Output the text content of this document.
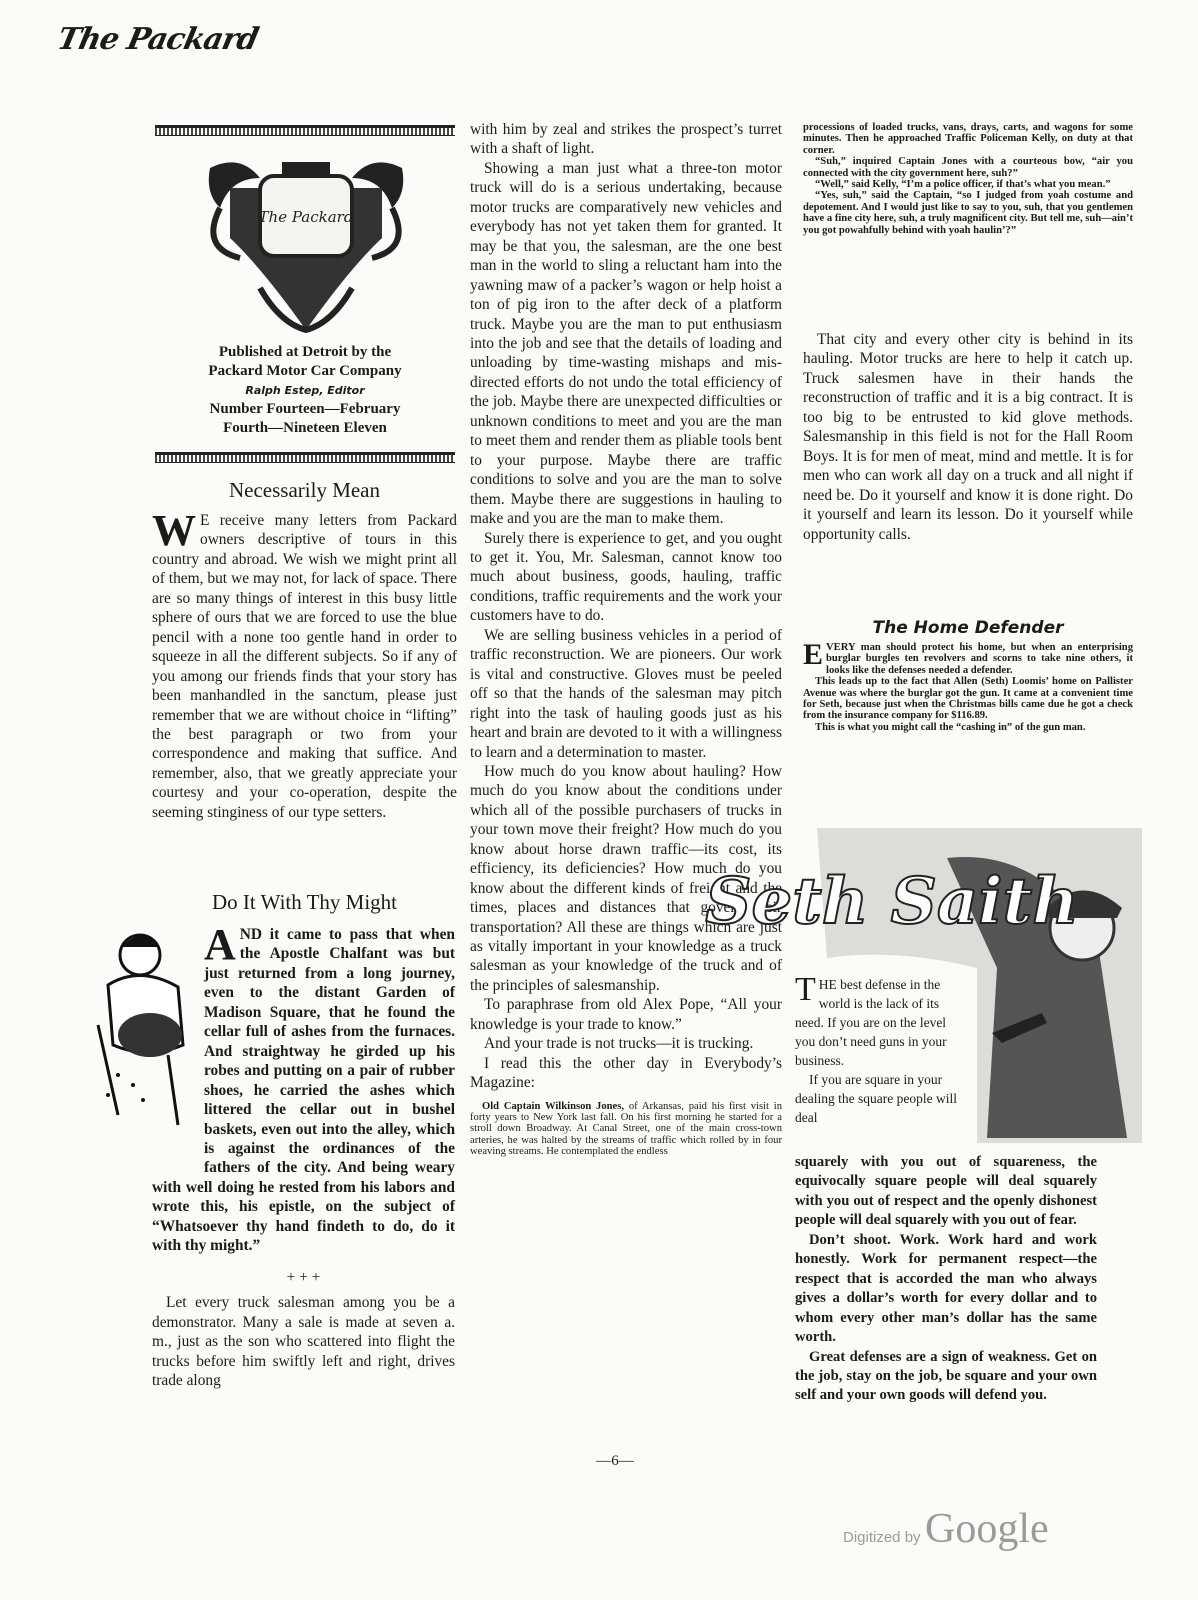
The Packard
The Packard
Published at Detroit by the
Packard Motor Car Company
Ralph Estep, Editor
Number Fourteen—February
Fourth—Nineteen Eleven
Necessarily Mean
W E receive many letters from Packard owners descriptive of tours in this country and abroad. We wish we might print all of them, but we may not, for lack of space. There are so many things of interest in this busy little sphere of ours that we are forced to use the blue pencil with a none too gentle hand in order to squeeze in all the different subjects. So if any of you among our friends finds that your story has been manhandled in the sanctum, please just remember that we are without choice in “lifting” the best paragraph or two from your correspondence and making that suffice. And remember, also, that we greatly appreciate your courtesy and your co-operation, despite the seeming stinginess of our type setters.

Do It With Thy Might
A ND it came to pass that when the Apostle Chalfant was but just returned from a long journey, even to the distant Garden of Madison Square, that he found the cellar full of ashes from the furnaces. And straightway he girded up his robes and putting on a pair of rubber shoes, he carried the ashes which littered the cellar out in bushel baskets, even out into the alley, which is against the ordinances of the fathers of the city. And being weary with well doing he rested from his labors and wrote this, his epistle, on the subject of “Whatsoever thy hand findeth to do, do it with thy might.”

+ + +

Let every truck salesman among you be a demonstrator. Many a sale is made at seven a. m., just as the son who scattered into flight the trucks before him swiftly left and right, drives trade along

with him by zeal and strikes the prospect’s turret with a shaft of light.

Showing a man just what a three-ton motor truck will do is a serious undertaking, because motor trucks are comparatively new vehicles and everybody has not yet taken them for granted. It may be that you, the salesman, are the one best man in the world to sling a reluctant ham into the yawning maw of a packer’s wagon or help hoist a ton of pig iron to the after deck of a platform truck. Maybe you are the man to put enthusiasm into the job and see that the details of loading and unloading by time-wasting mishaps and mis-directed efforts do not undo the total efficiency of the job. Maybe there are unexpected difficulties or unknown conditions to meet and you are the man to meet them and render them as pliable tools bent to your purpose. Maybe there are traffic conditions to solve and you are the man to solve them. Maybe there are suggestions in hauling to make and you are the man to make them.

Surely there is experience to get, and you ought to get it. You, Mr. Salesman, cannot know too much about business, goods, hauling, traffic conditions, traffic requirements and the work your customers have to do.

We are selling business vehicles in a period of traffic reconstruction. We are pioneers. Our work is vital and constructive. Gloves must be peeled off so that the hands of the salesman may pitch right into the task of hauling goods just as his heart and brain are devoted to it with a willingness to learn and a determination to master.

How much do you know about hauling? How much do you know about the conditions under which all of the possible purchasers of trucks in your town move their freight? How much do you know about horse drawn traffic—its cost, its efficiency, its deficiencies? How much do you know about the different kinds of freight and the times, places and distances that govern their transportation? All these are things which are just as vitally important in your knowledge as a truck salesman as your knowledge of the truck and of the principles of salesmanship.

To paraphrase from old Alex Pope, “All your knowledge is your trade to know.”

And your trade is not trucks—it is trucking.

I read this the other day in Everybody’s Magazine:

Old Captain Wilkinson Jones, of Arkansas, paid his first visit in forty years to New York last fall. On his first morning he started for a stroll down Broadway. At Canal Street, one of the main cross-town arteries, he was halted by the streams of traffic which rolled by in four weaving streams. He contemplated the endless

processions of loaded trucks, vans, drays, carts, and wagons for some minutes. Then he approached Traffic Policeman Kelly, on duty at that corner.

“Suh,” inquired Captain Jones with a courteous bow, “air you connected with the city government here, suh?”

“Well,” said Kelly, “I’m a police officer, if that’s what you mean.”

“Yes, suh,” said the Captain, “so I judged from yoah costume and depotement. And I would just like to say to you, suh, that you gentlemen have a fine city here, suh, a truly magnificent city. But tell me, suh—ain’t you got powahfully behind with yoah haulin’?”

That city and every other city is behind in its hauling. Motor trucks are here to help it catch up. Truck salesmen have in their hands the reconstruction of traffic and it is a big contract. It is too big to be entrusted to kid glove methods. Salesmanship in this field is not for the Hall Room Boys. It is for men of meat, mind and mettle. It is for men who can work all day on a truck and all night if need be. Do it yourself and know it is done right. Do it yourself and learn its lesson. Do it yourself while opportunity calls.

The Home Defender
E VERY man should protect his home, but when an enterprising burglar burgles ten revolvers and scorns to take nine others, it looks like the defenses needed a defender.

This leads up to the fact that Allen (Seth) Loomis’ home on Pallister Avenue was where the burglar got the gun. It came at a convenient time for Seth, because just when the Christmas bills came due he got a check from the insurance company for $116.89.

This is what you might call the “cashing in” of the gun man.

Seth Saith
T HE best defense in the world is the lack of its need. If you are on the level you don’t need guns in your business.

If you are square in your dealing the square people will deal

squarely with you out of squareness, the equivocally square people will deal squarely with you out of respect and the openly dishonest people will deal squarely with you out of fear.

Don’t shoot. Work. Work hard and work honestly. Work for permanent respect—the respect that is accorded the man who always gives a dollar’s worth for every dollar and to whom every other man’s dollar has the same worth.

Great defenses are a sign of weakness. Get on the job, stay on the job, be square and your own self and your own goods will defend you.

—6—
Digitized by Google
